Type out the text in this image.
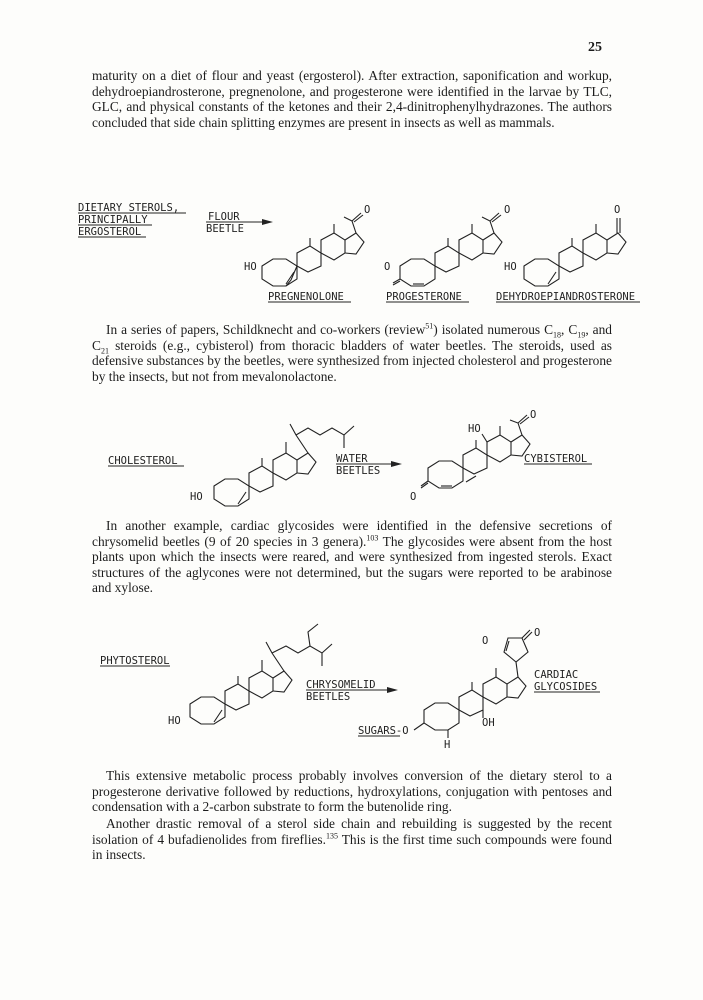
25

maturity on a diet of flour and yeast (ergosterol). After extraction, saponification and workup, dehydroepiandrosterone, pregnenolone, and progesterone were identified in the larvae by TLC, GLC, and physical constants of the ketones and their 2,4-dinitrophenylhydrazones. The authors concluded that side chain splitting enzymes are present in insects as well as mammals.

DIETARY STEROLS,
PRINCIPALLY
ERGOSTEROL
FLOUR
BEETLE
O
HO
PREGNENOLONE
O
O
PROGESTERONE
O
HO
DEHYDROEPIANDROSTERONE

In a series of papers, Schildknecht and co-workers (review$^{51}$) isolated numerous $C_{18}$, $C_{19}$, and $C_{21}$ steroids (e.g., cybisterol) from thoracic bladders of water beetles. The steroids, used as defensive substances by the beetles, were synthesized from injected cholesterol and progesterone by the insects, but not from mevalonolactone.

CHOLESTEROL
HO
WATER
BEETLES
O
HO
O
CYBISTEROL

In another example, cardiac glycosides were identified in the defensive secretions of chrysomelid beetles (9 of 20 species in 3 genera).$^{103}$ The glycosides were absent from the host plants upon which the insects were reared, and were synthesized from ingested sterols. Exact structures of the aglycones were not determined, but the sugars were reported to be arabinose and xylose.

PHYTOSTEROL
HO
CHRYSOMELID
BEETLES
O
O
OH
H
SUGARS-O
CARDIAC
GLYCOSIDES

This extensive metabolic process probably involves conversion of the dietary sterol to a progesterone derivative followed by reductions, hydroxylations, conjugation with pentoses and condensation with a 2-carbon substrate to form the butenolide ring.

Another drastic removal of a sterol side chain and rebuilding is suggested by the recent isolation of 4 bufadienolides from fireflies.$^{135}$ This is the first time such compounds were found in insects.
